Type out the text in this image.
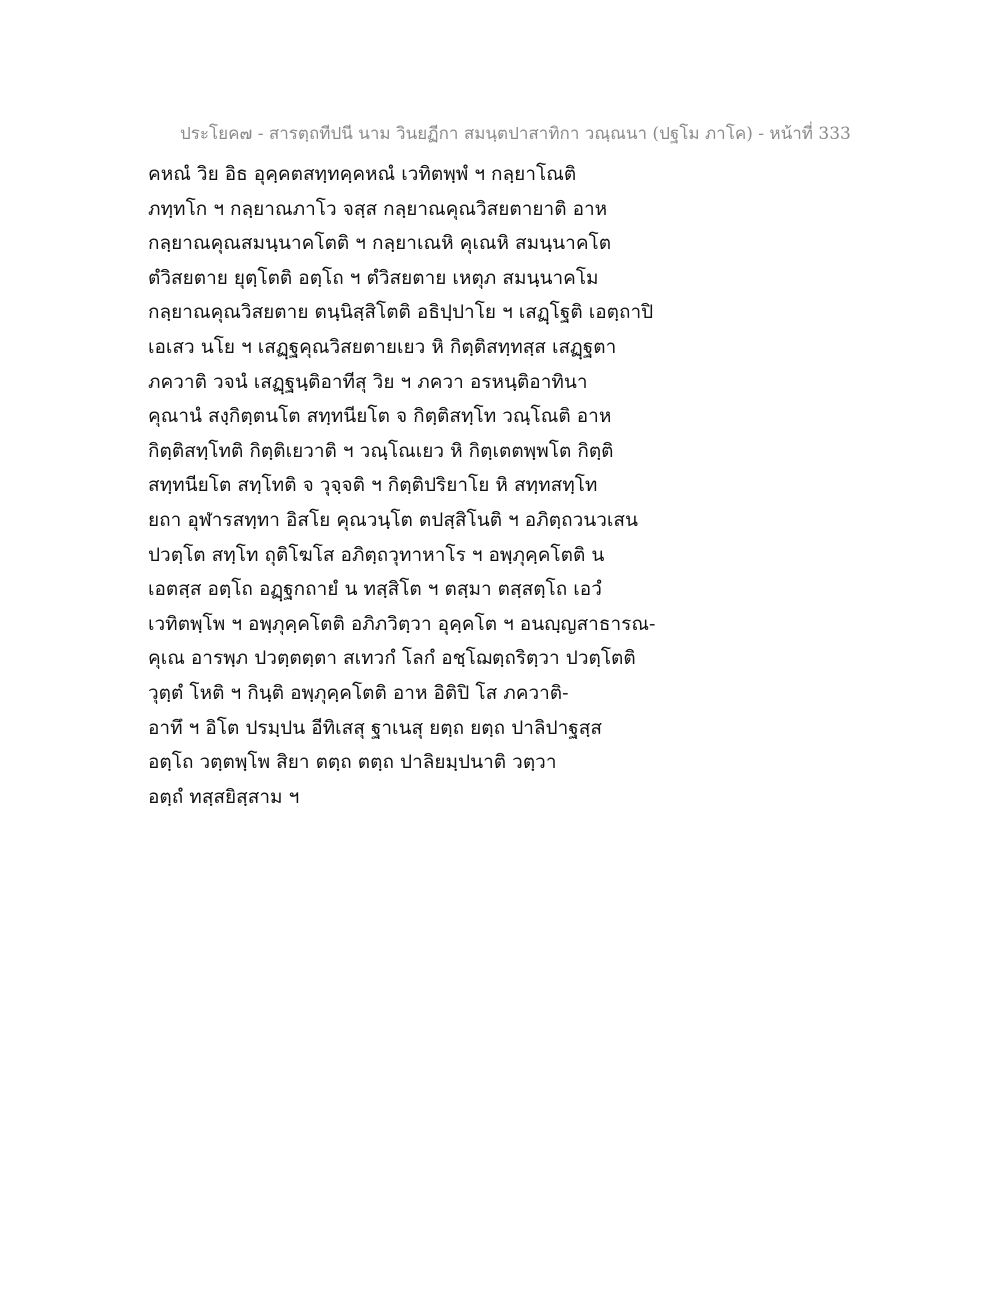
ประโยค๗ - สารตฺถทีปนี นาม วินยฏีกา สมนฺตปาสาทิกา วณฺณนา (ปฐโม ภาโค) - หน้าที่ 333
คหณํ วิย อิธ อุคฺคตสทฺทคฺคหณํ เวทิตพฺพํ ฯ กลฺยาโณติ
ภทฺทโก ฯ กลฺยาณภาโว จสฺส กลฺยาณคุณวิสยตายาติ อาห
กลฺยาณคุณสมนฺนาคโตติ ฯ กลฺยาเณหิ คุเณหิ สมนฺนาคโต
ตํวิสยตาย ยุตฺโตติ อตฺโถ ฯ ตํวิสยตาย เหตุภ สมนฺนาคโม
กลฺยาณคุณวิสยตาย ตนฺนิสฺสิโตติ อธิปฺปาโย ฯ เสฏฺโฐติ เอตฺถาปิ
เอเสว นโย ฯ เสฏฺฐคุณวิสยตายเยว หิ กิตฺติสทฺทสฺส เสฏฺฐตา
ภควาติ วจนํ เสฏฺฐนฺติอาทีสุ วิย ฯ ภควา อรหนฺติอาทินา
คุณานํ สงฺกิตฺตนโต สทฺทนียโต จ กิตฺติสทฺโท วณฺโณติ อาห
กิตฺติสทฺโทติ กิตฺติเยวาติ ฯ วณฺโณเยว หิ กิตฺเตตพฺพโต กิตฺติ
สทฺทนียโต สทฺโทติ จ วุจฺจติ ฯ กิตฺติปริยาโย หิ สทฺทสทฺโท
ยถา อุฬารสทฺทา อิสโย คุณวนฺโต ตปสฺสิโนติ ฯ อภิตฺถวนวเสน
ปวตฺโต สทฺโท ถุติโฆโส อภิตฺถวุทาหาโร ฯ อพฺภุคฺคโตติ น
เอตสฺส อตฺโถ อฏฺฐกถายํ น ทสฺสิโต ฯ ตสฺมา ตสฺสตฺโถ เอวํ
เวทิตพฺโพ ฯ อพฺภุคฺคโตติ อภิภวิตฺวา อุคฺคโต ฯ อนญฺญสาธารณ-
คุเณ อารพฺภ ปวตฺตตฺตา สเทวกํ โลกํ อชฺโฌตฺถริตฺวา ปวตฺโตติ
วุตฺตํ โหติ ฯ กินฺติ อพฺภุคฺคโตติ อาห อิติปิ โส ภควาติ-
อาทึ ฯ อิโต ปรมฺปน อีทิเสสุ ฐาเนสุ ยตฺถ ยตฺถ ปาลิปาฐสฺส
อตฺโถ วตฺตพฺโพ สิยา ตตฺถ ตตฺถ ปาลิยมฺปนาติ วตฺวา
อตฺถํ ทสฺสยิสฺสาม ฯ
